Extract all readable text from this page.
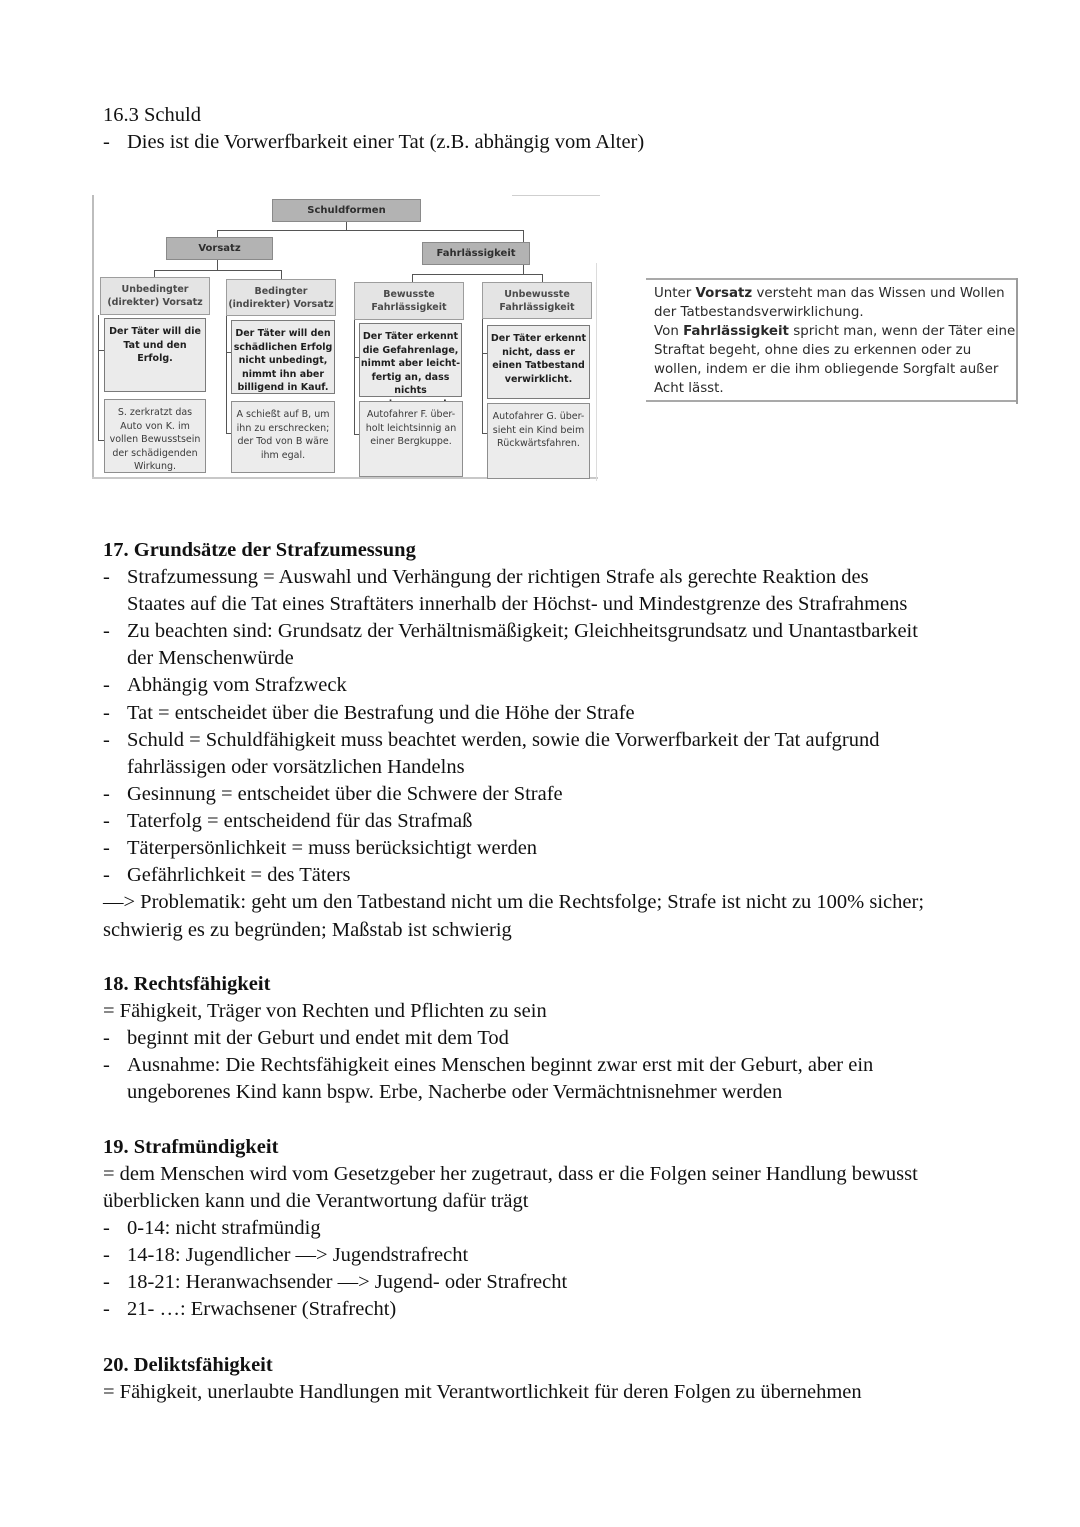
16.3 Schuld
- Dies ist die Vorwerfbarkeit einer Tat (z.B. abhängig vom Alter)
Schuldformen
Vorsatz	Fahrlässigkeit
Unbedingter
(direkter) Vorsatz
Bedingter
(indirekter) Vorsatz
Bewusste
Fahrlässigkeit
Unbewusste
Fahrlässigkeit
Der Täter will die
Tat und den Erfolg.
Der Täter will den
schädlichen Erfolg
nicht unbedingt,
nimmt ihn aber
billigend in Kauf.
Der Täter erkennt
die Gefahrenlage,
nimmt aber leicht-
fertig an, dass nichts
Der Täter erkennt
nicht, dass er
einen Tatbestand
verwirklicht.
S. zerkratzt das
Auto von K. im
vollen Bewusstsein
der schädigenden
Wirkung.
A schießt auf B, um
ihn zu erschrecken;
der Tod von B wäre
ihm egal.
Autofahrer F. über-
holt leichtsinnig an
einer Bergkuppe.
Autofahrer G. über-
sieht ein Kind beim
Rückwärtsfahren.

Unter Vorsatz versteht man das Wissen und Wollen der Tatbestandsverwirklichung.

Von Fahrlässigkeit spricht man, wenn der Täter eine Straftat begeht, ohne dies zu erkennen oder zu wollen, indem er die ihm obliegende Sorgfalt außer Acht lässt.

17. Grundsätze der Strafzumessung
- Strafzumessung = Auswahl und Verhängung der richtigen Strafe als gerechte Reaktion des
Staates auf die Tat eines Straftäters innerhalb der Höchst- und Mindestgrenze des Strafrahmens
- Zu beachten sind: Grundsatz der Verhältnismäßigkeit; Gleichheitsgrundsatz und Unantastbarkeit
der Menschenwürde
- Abhängig vom Strafzweck
- Tat = entscheidet über die Bestrafung und die Höhe der Strafe
- Schuld = Schuldfähigkeit muss beachtet werden, sowie die Vorwerfbarkeit der Tat aufgrund
fahrlässigen oder vorsätzlichen Handelns
- Gesinnung = entscheidet über die Schwere der Strafe
- Taterfolg = entscheidend für das Strafmaß
- Täterpersönlichkeit = muss berücksichtigt werden
- Gefährlichkeit = des Täters
—> Problematik: geht um den Tatbestand nicht um die Rechtsfolge; Strafe ist nicht zu 100% sicher;
schwierig es zu begründen; Maßstab ist schwierig
18. Rechtsfähigkeit
= Fähigkeit, Träger von Rechten und Pflichten zu sein
- beginnt mit der Geburt und endet mit dem Tod
- Ausnahme: Die Rechtsfähigkeit eines Menschen beginnt zwar erst mit der Geburt, aber ein
ungeborenes Kind kann bspw. Erbe, Nacherbe oder Vermächtnisnehmer werden
19. Strafmündigkeit
= dem Menschen wird vom Gesetzgeber her zugetraut, dass er die Folgen seiner Handlung bewusst
überblicken kann und die Verantwortung dafür trägt
- 0-14: nicht strafmündig
- 14-18: Jugendlicher —> Jugendstrafrecht
- 18-21: Heranwachsender —> Jugend- oder Strafrecht
- 21- …: Erwachsener (Strafrecht)
20. Deliktsfähigkeit
= Fähigkeit, unerlaubte Handlungen mit Verantwortlichkeit für deren Folgen zu übernehmen
